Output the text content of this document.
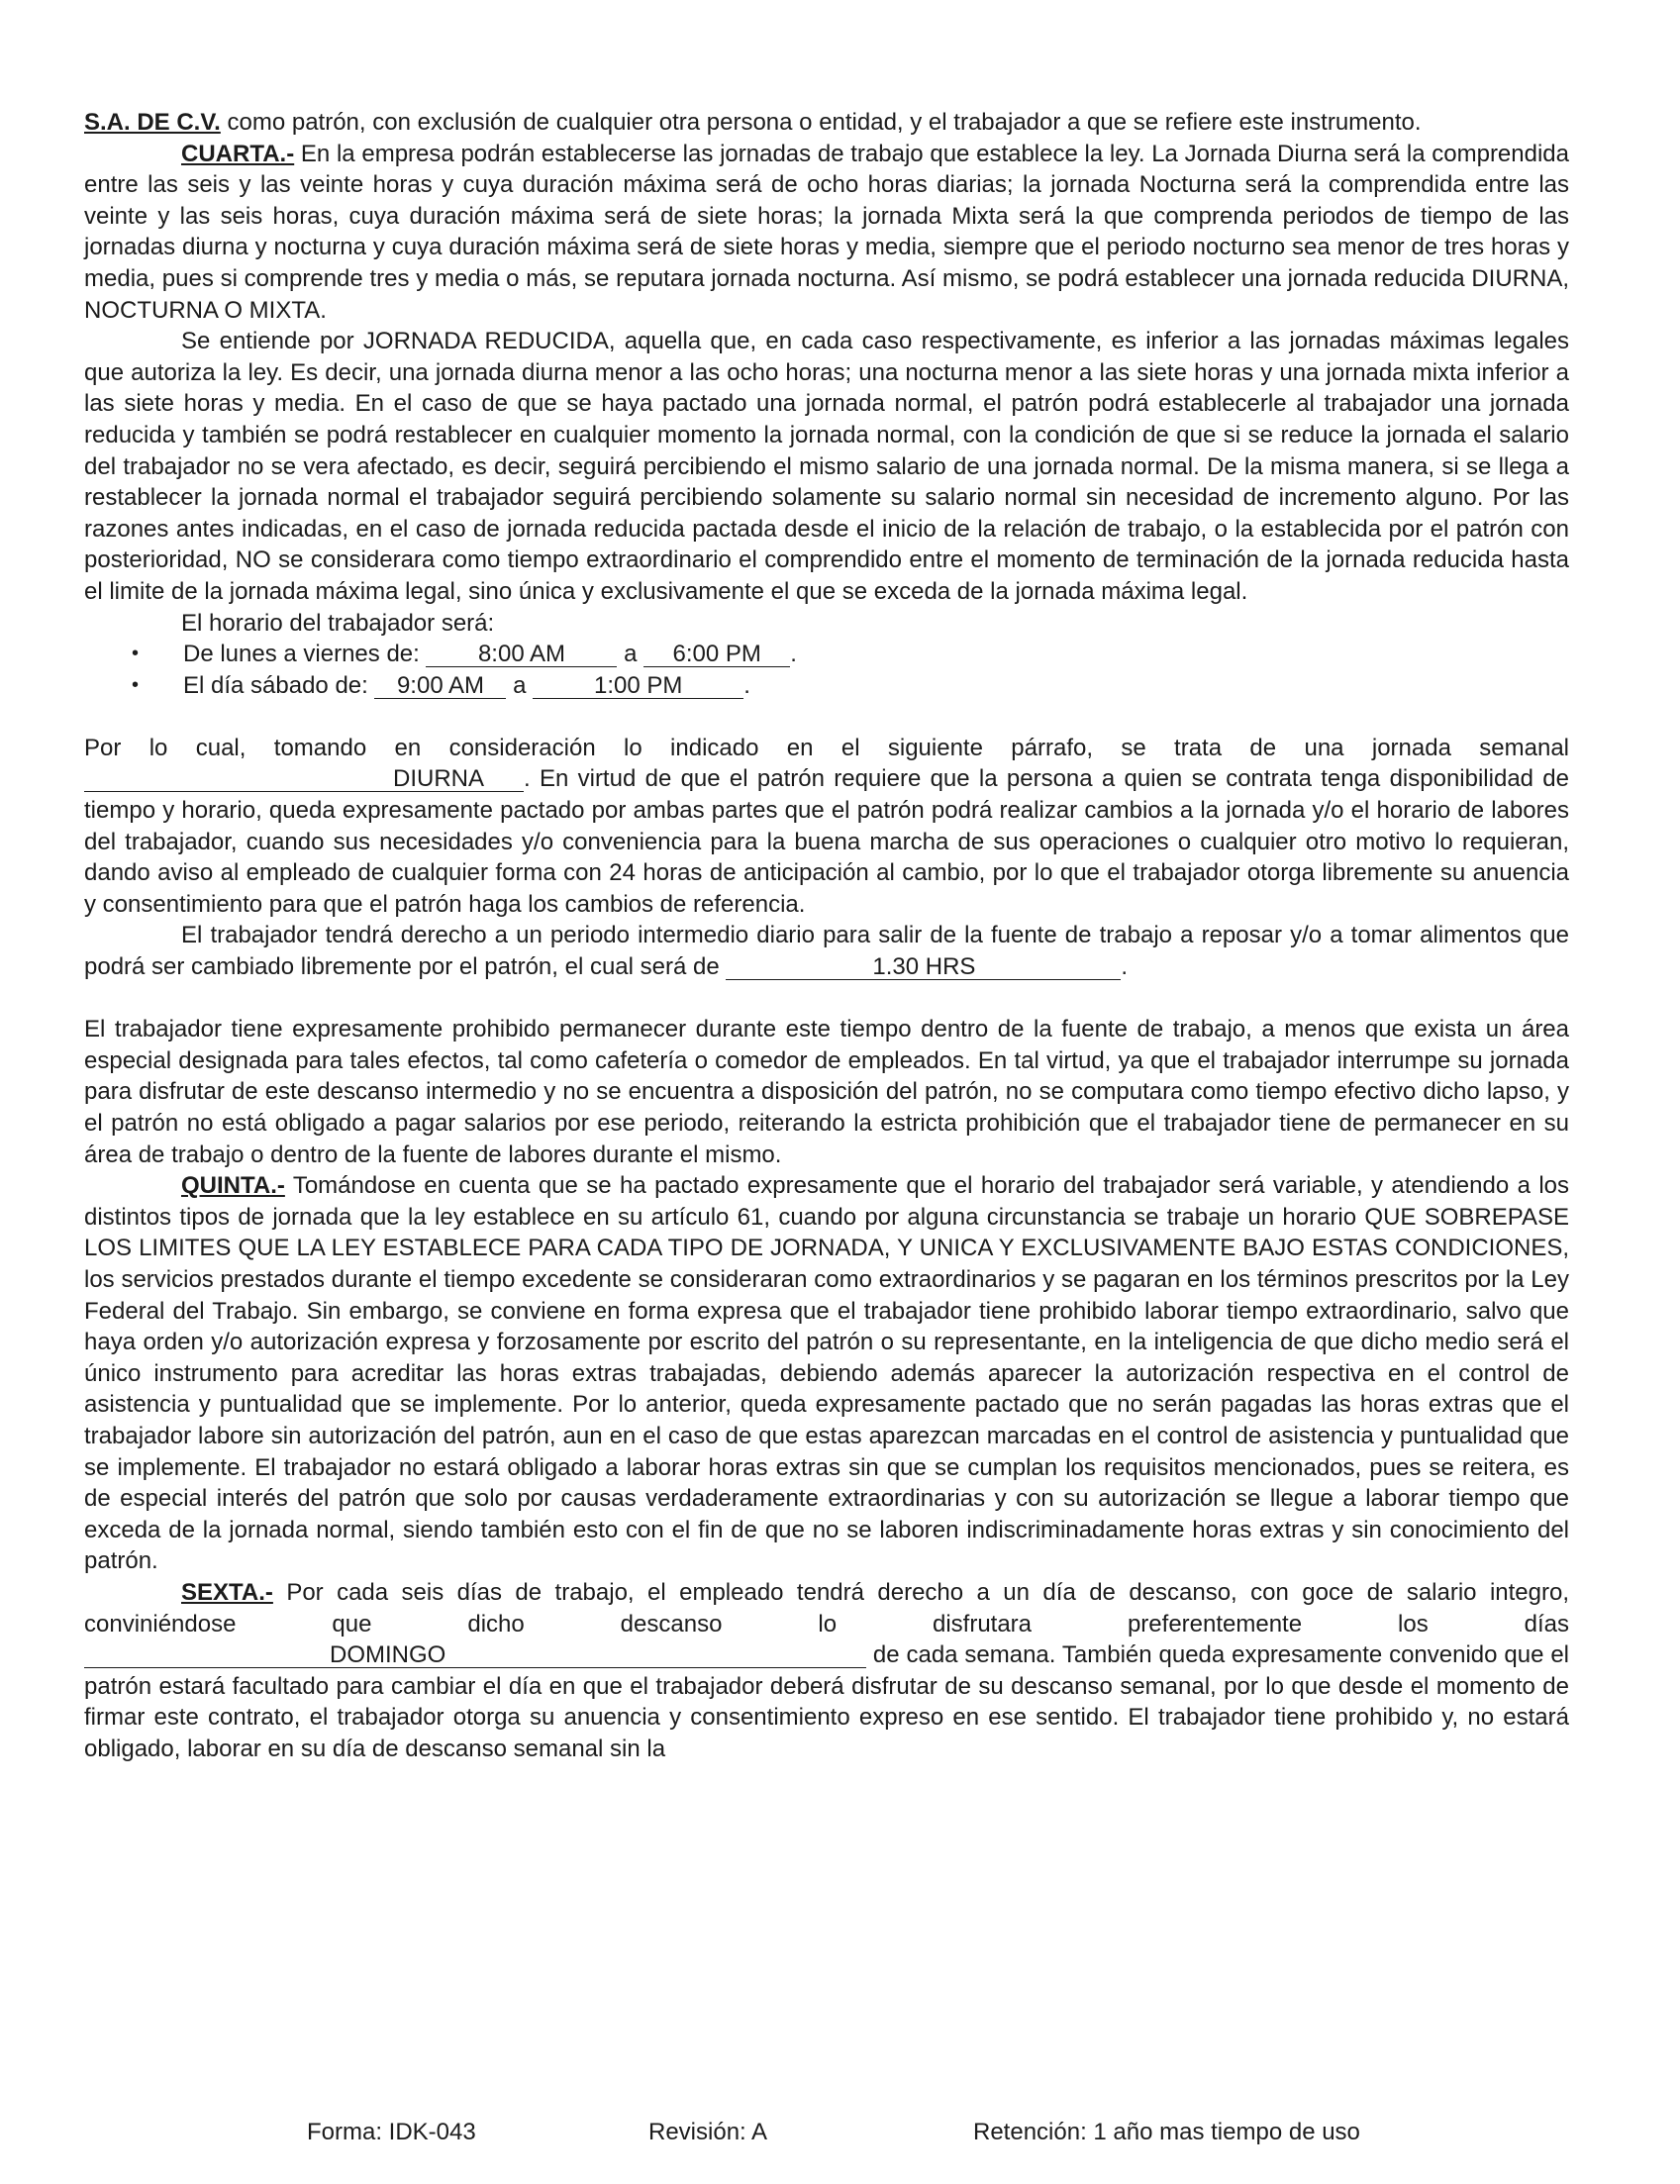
S.A. DE C.V. como patrón, con exclusión de cualquier otra persona o entidad, y el trabajador a que se refiere este instrumento.

CUARTA.- En la empresa podrán establecerse las jornadas de trabajo que establece la ley. La Jornada Diurna será la comprendida entre las seis y las veinte horas y cuya duración máxima será de ocho horas diarias; la jornada Nocturna será la comprendida entre las veinte y las seis horas, cuya duración máxima será de siete horas; la jornada Mixta será la que comprenda periodos de tiempo de las jornadas diurna y nocturna y cuya duración máxima será de siete horas y media, siempre que el periodo nocturno sea menor de tres horas y media, pues si comprende tres y media o más, se reputara jornada nocturna. Así mismo, se podrá establecer una jornada reducida DIURNA, NOCTURNA O MIXTA.

Se entiende por JORNADA REDUCIDA, aquella que, en cada caso respectivamente, es inferior a las jornadas máximas legales que autoriza la ley. Es decir, una jornada diurna menor a las ocho horas; una nocturna menor a las siete horas y una jornada mixta inferior a las siete horas y media. En el caso de que se haya pactado una jornada normal, el patrón podrá establecerle al trabajador una jornada reducida y también se podrá restablecer en cualquier momento la jornada normal, con la condición de que si se reduce la jornada el salario del trabajador no se vera afectado, es decir, seguirá percibiendo el mismo salario de una jornada normal. De la misma manera, si se llega a restablecer la jornada normal el trabajador seguirá percibiendo solamente su salario normal sin necesidad de incremento alguno. Por las razones antes indicadas, en el caso de jornada reducida pactada desde el inicio de la relación de trabajo, o la establecida por el patrón con posterioridad, NO se considerara como tiempo extraordinario el comprendido entre el momento de terminación de la jornada reducida hasta el limite de la jornada máxima legal, sino única y exclusivamente el que se exceda de la jornada máxima legal.

El horario del trabajador será:

• De lunes a viernes de: 8:00 AM a 6:00 PM .
• El día sábado de: 9:00 AM a	1:00 PM	.

Por lo cual, tomando en consideración lo indicado en el siguiente párrafo, se trata de una jornada semanal DIURNA . En virtud de que el patrón requiere que la persona a quien se contrata tenga disponibilidad de tiempo y horario, queda expresamente pactado por ambas partes que el patrón podrá realizar cambios a la jornada y/o el horario de labores del trabajador, cuando sus necesidades y/o conveniencia para la buena marcha de sus operaciones o cualquier otro motivo lo requieran, dando aviso al empleado de cualquier forma con 24 horas de anticipación al cambio, por lo que el trabajador otorga libremente su anuencia y consentimiento para que el patrón haga los cambios de referencia.

El trabajador tendrá derecho a un periodo intermedio diario para salir de la fuente de trabajo a reposar y/o a tomar alimentos que podrá ser cambiado libremente por el patrón, el cual será de	1.30 HRS	.

El trabajador tiene expresamente prohibido permanecer durante este tiempo dentro de la fuente de trabajo, a menos que exista un área especial designada para tales efectos, tal como cafetería o comedor de empleados. En tal virtud, ya que el trabajador interrumpe su jornada para disfrutar de este descanso intermedio y no se encuentra a disposición del patrón, no se computara como tiempo efectivo dicho lapso, y el patrón no está obligado a pagar salarios por ese periodo, reiterando la estricta prohibición que el trabajador tiene de permanecer en su área de trabajo o dentro de la fuente de labores durante el mismo.

QUINTA.- Tomándose en cuenta que se ha pactado expresamente que el horario del trabajador será variable, y atendiendo a los distintos tipos de jornada que la ley establece en su artículo 61, cuando por alguna circunstancia se trabaje un horario QUE SOBREPASE LOS LIMITES QUE LA LEY ESTABLECE PARA CADA TIPO DE JORNADA, Y UNICA Y EXCLUSIVAMENTE BAJO ESTAS CONDICIONES, los servicios prestados durante el tiempo excedente se consideraran como extraordinarios y se pagaran en los términos prescritos por la Ley Federal del Trabajo. Sin embargo, se conviene en forma expresa que el trabajador tiene prohibido laborar tiempo extraordinario, salvo que haya orden y/o autorización expresa y forzosamente por escrito del patrón o su representante, en la inteligencia de que dicho medio será el único instrumento para acreditar las horas extras trabajadas, debiendo además aparecer la autorización respectiva en el control de asistencia y puntualidad que se implemente. Por lo anterior, queda expresamente pactado que no serán pagadas las horas extras que el trabajador labore sin autorización del patrón, aun en el caso de que estas aparezcan marcadas en el control de asistencia y puntualidad que se implemente. El trabajador no estará obligado a laborar horas extras sin que se cumplan los requisitos mencionados, pues se reitera, es de especial interés del patrón que solo por causas verdaderamente extraordinarias y con su autorización se llegue a laborar tiempo que exceda de la jornada normal, siendo también esto con el fin de que no se laboren indiscriminadamente horas extras y sin conocimiento del patrón.

SEXTA.- Por cada seis días de trabajo, el empleado tendrá derecho a un día de descanso, con goce de salario integro, conviniéndose que dicho descanso lo disfrutara preferentemente los días DOMINGO	de cada semana. También queda expresamente convenido que el patrón estará facultado para cambiar el día en que el trabajador deberá disfrutar de su descanso semanal, por lo que desde el momento de firmar este contrato, el trabajador otorga su anuencia y consentimiento expreso en ese sentido. El trabajador tiene prohibido y, no estará obligado, laborar en su día de descanso semanal sin la

Forma: IDK-043	Revisión: A	Retención: 1 año mas tiempo de uso
